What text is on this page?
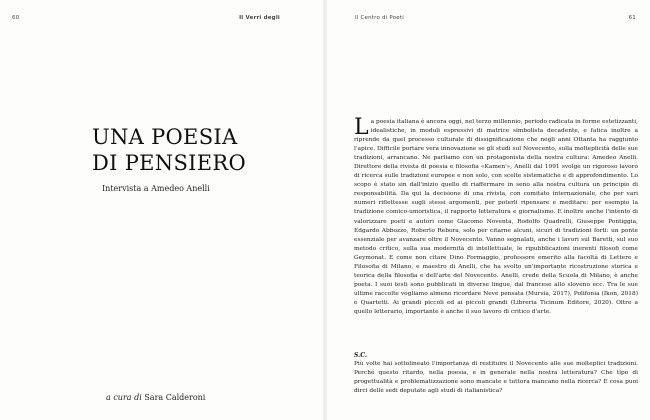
60	Il Verri degli
UNA POESIA
DI PENSIERO

Intervista a Amedeo Anelli

a cura di Sara Calderoni
Il Centro di Poeti	61

La poesia italiana è ancora oggi, nel terzo millennio, periodo radicata in forme estetizzanti, idealistiche, in moduli espressivi di matrice simbolista decadente, e fatica inoltre a riprende da quel processo culturale di dissignificazione che negli anni Ottanta ha raggiunto l'apice. Difficile portare vera innovazione se gli studi sul Novecento, sulla molteplicità delle sue tradizioni, arrancano. Ne parliamo con un protagonista della nostra cultura: Amedeo Anelli. Direttore della rivista di poesia e filosofia «Kamen'», Anelli dal 1991 svolge un rigoroso lavoro di ricerca sulle tradizioni europee e non solo, con scelte sistematiche e di approfondimento. Lo scopo è stato sin dall'inizio quello di riaffermare in seno alla nostra cultura un principio di responsabilità. Da qui la decisione di una rivista, con comitato internazionale, che per vari numeri riflettesse sugli stessi argomenti, per poterli ripensare e meditare: per esempio la tradizione comico-umoristica, il rapporto letteratura e giornalismo. E inoltre anche l'intento di valorizzare poeti e autori come Giacomo Noventa, Rodolfo Quadrelli, Giuseppe Pontiggia, Edgardo Abbozzo, Roberto Rebora, solo per citarne alcuni, sicuri di tradizioni forti: un ponte essenziale per avanzare oltre il Novecento. Vanno segnalati, anche i lavori sul Barettì, sul suo metodo critico, sulla sua modernità di intellettuale, le ripubblicazioni inerenti filosofi come Geymonat. E come non citare Dino Formaggio, professore emerito alla facoltà di Lettere e Filosofia di Milano, e maestro di Anelli, che ha svolto un'importante ricostruzione storica e teorica della filosofia e dell'arte del Novecento. Anelli, crede della Scuola di Milano, è anche poeta. I suoi testi sono pubblicati in diverse lingue, dal francese allo sloveno ecc. Tra le sue ultime raccolte vogliamo almeno ricordare Neve pensata (Mursia, 2017), Polifonia (Ikon, 2018) e Quartetti. Ai grandi piccoli ed ai piccoli grandi (Libreria Ticinum Editore, 2020). Oltre a quello letterario, importante è anche il suo lavoro di critico d'arte.

S.C.

Più volte hai sottolineato l'importanza di restituire il Novecento alle sue molteplici tradizioni. Perché questo ritardo, nella poesia, e in generale nella nostra letteratura? Che tipo di progettualità e problematizzazione sono mancate e tuttora mancano nella ricerca? E cosa puoi dirci delle sedi deputate agli studi di italianistica?
